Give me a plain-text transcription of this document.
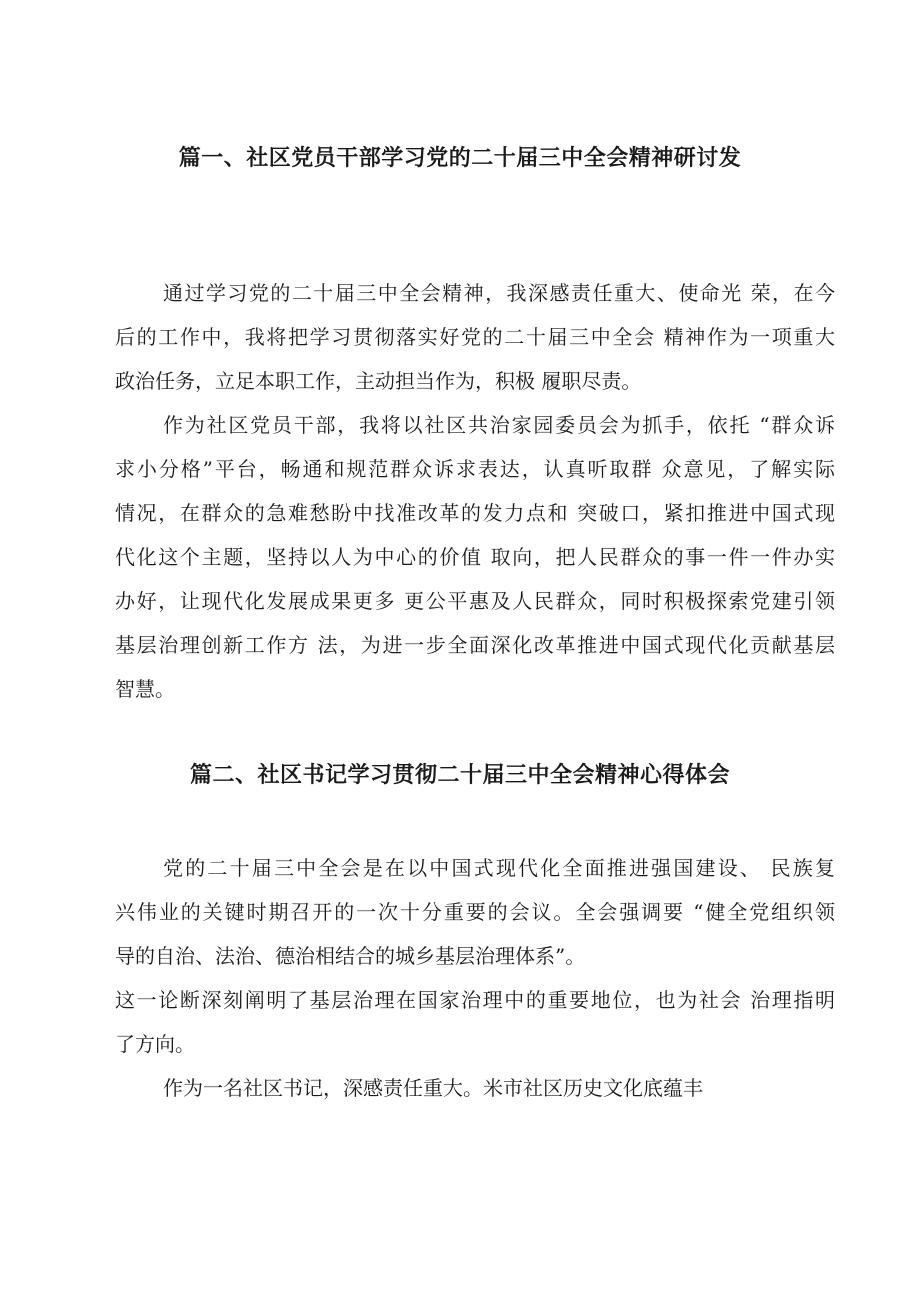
篇一、社区党员干部学习党的二十届三中全会精神研讨发

通过学习党的二十届三中全会精神，我深感责任重大、使命光 荣，在今

后的工作中，我将把学习贯彻落实好党的二十届三中全会 精神作为一项重大

政治任务，立足本职工作，主动担当作为，积极 履职尽责。

作为社区党员干部，我将以社区共治家园委员会为抓手，依托 “群众诉

求小分格”平台，畅通和规范群众诉求表达，认真听取群 众意见，了解实际

情况，在群众的急难愁盼中找准改革的发力点和 突破口，紧扣推进中国式现

代化这个主题，坚持以人为中心的价值 取向，把人民群众的事一件一件办实

办好，让现代化发展成果更多 更公平惠及人民群众，同时积极探索党建引领

基层治理创新工作方 法，为进一步全面深化改革推进中国式现代化贡献基层

智慧。

篇二、社区书记学习贯彻二十届三中全会精神心得体会

党的二十届三中全会是在以中国式现代化全面推进强国建设、 民族复

兴伟业的关键时期召开的一次十分重要的会议。全会强调要 “健全党组织领

导的自治、法治、德治相结合的城乡基层治理体系”。

这一论断深刻阐明了基层治理在国家治理中的重要地位，也为社会 治理指明

了方向。

作为一名社区书记，深感责任重大。米市社区历史文化底蕴丰
